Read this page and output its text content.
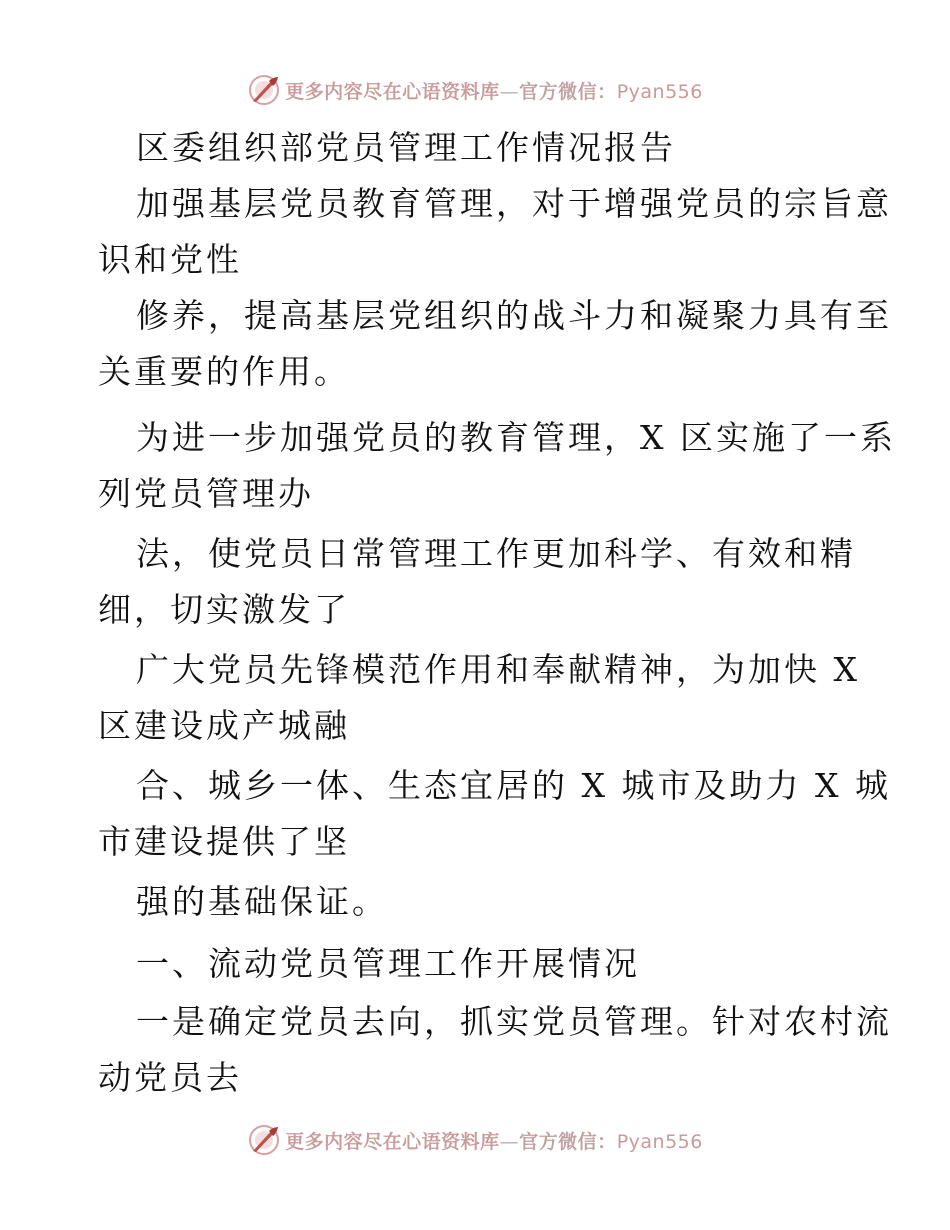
更多内容尽在心语资料库—官方微信：Pyan556
区委组织部党员管理工作情况报告
加强基层党员教育管理，对于增强党员的宗旨意
识和党性
修养，提高基层党组织的战斗力和凝聚力具有至
关重要的作用。
为进一步加强党员的教育管理，X 区实施了一系
列党员管理办
法，使党员日常管理工作更加科学、有效和精
细，切实激发了
广大党员先锋模范作用和奉献精神，为加快 X
区建设成产城融
合、城乡一体、生态宜居的 X 城市及助力 X 城
市建设提供了坚
强的基础保证。
一、流动党员管理工作开展情况
一是确定党员去向，抓实党员管理。针对农村流
动党员去
更多内容尽在心语资料库—官方微信：Pyan556
